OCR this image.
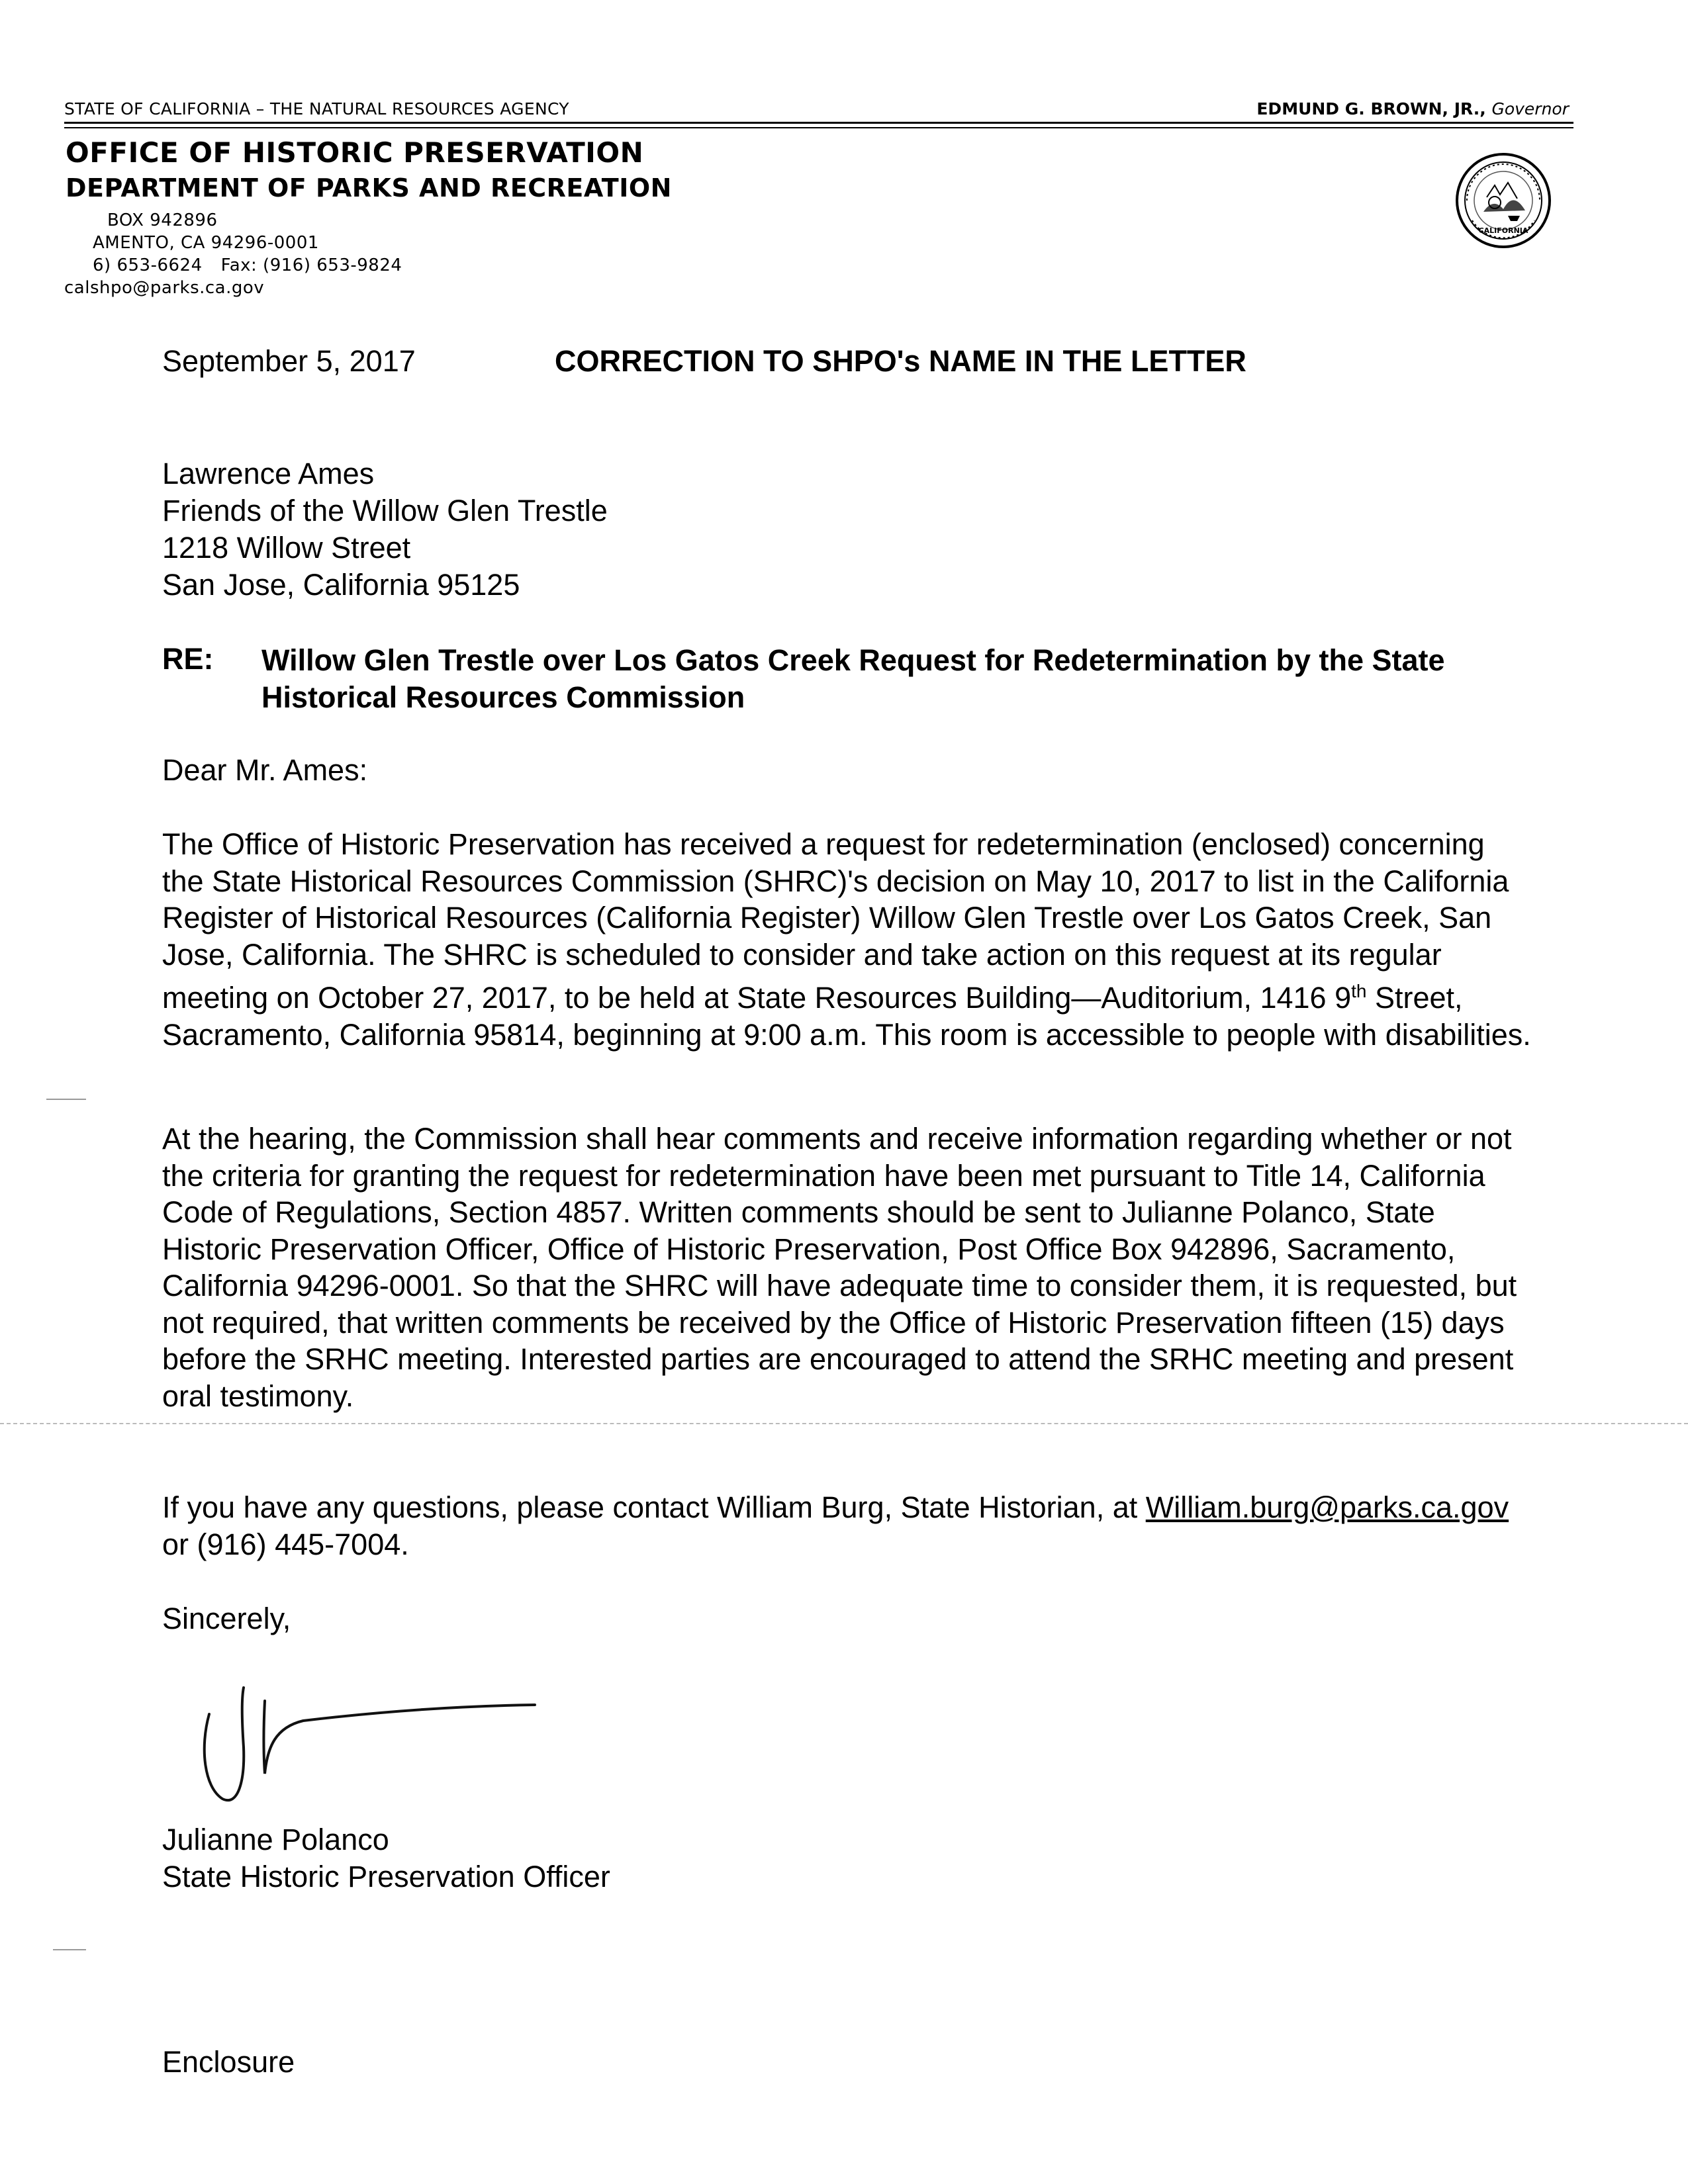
STATE OF CALIFORNIA – THE NATURAL RESOURCES AGENCY	EDMUND G. BROWN, JR., Governor
OFFICE OF HISTORIC PRESERVATION
DEPARTMENT OF PARKS AND RECREATION
BOX 942896
AMENTO, CA 94296-0001
6) 653-6624 Fax: (916) 653-9824
calshpo@parks.ca.gov
CALIFORNIA
September 5, 2017	CORRECTION TO SHPO's NAME IN THE LETTER
Lawrence Ames
Friends of the Willow Glen Trestle
1218 Willow Street
San Jose, California 95125
RE: Willow Glen Trestle over Los Gatos Creek Request for Redetermination by the State Historical Resources Commission
Dear Mr. Ames:
The Office of Historic Preservation has received a request for redetermination (enclosed) concerning the State Historical Resources Commission (SHRC)'s decision on May 10, 2017 to list in the California Register of Historical Resources (California Register) Willow Glen Trestle over Los Gatos Creek, San Jose, California. The SHRC is scheduled to consider and take action on this request at its regular meeting on October 27, 2017, to be held at State Resources Building—Auditorium, 1416 9th Street, Sacramento, California 95814, beginning at 9:00 a.m. This room is accessible to people with disabilities.
At the hearing, the Commission shall hear comments and receive information regarding whether or not the criteria for granting the request for redetermination have been met pursuant to Title 14, California Code of Regulations, Section 4857. Written comments should be sent to Julianne Polanco, State Historic Preservation Officer, Office of Historic Preservation, Post Office Box 942896, Sacramento, California 94296-0001. So that the SHRC will have adequate time to consider them, it is requested, but not required, that written comments be received by the Office of Historic Preservation fifteen (15) days before the SRHC meeting. Interested parties are encouraged to attend the SRHC meeting and present oral testimony.
If you have any questions, please contact William Burg, State Historian, at William.burg@parks.ca.gov or (916) 445-7004.
Sincerely,
Julianne Polanco
State Historic Preservation Officer
Enclosure
